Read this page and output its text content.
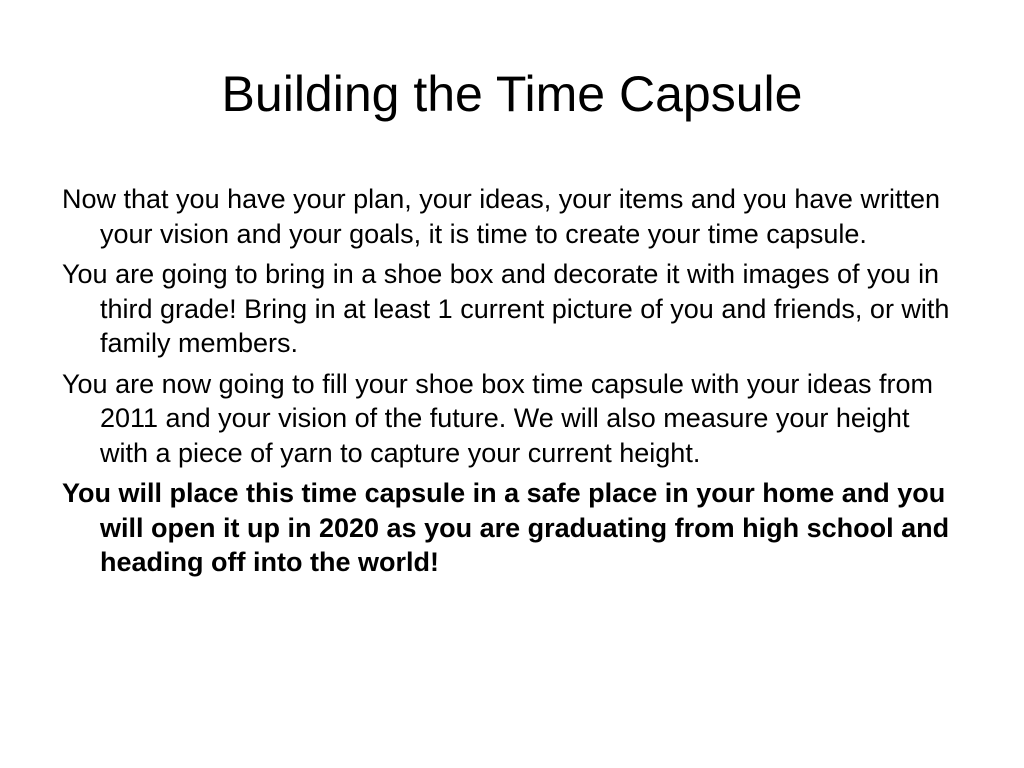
Building the Time Capsule
Now that you have your plan, your ideas, your items and you have written your vision and your goals, it is time to create your time capsule.
You are going to bring in a shoe box and decorate it with images of you in third grade! Bring in at least 1 current picture of you and friends, or with family members.
You are now going to fill your shoe box time capsule with your ideas from 2011 and your vision of the future. We will also measure your height with a piece of yarn to capture your current height.
You will place this time capsule in a safe place in your home and you will open it up in 2020 as you are graduating from high school and heading off into the world!
